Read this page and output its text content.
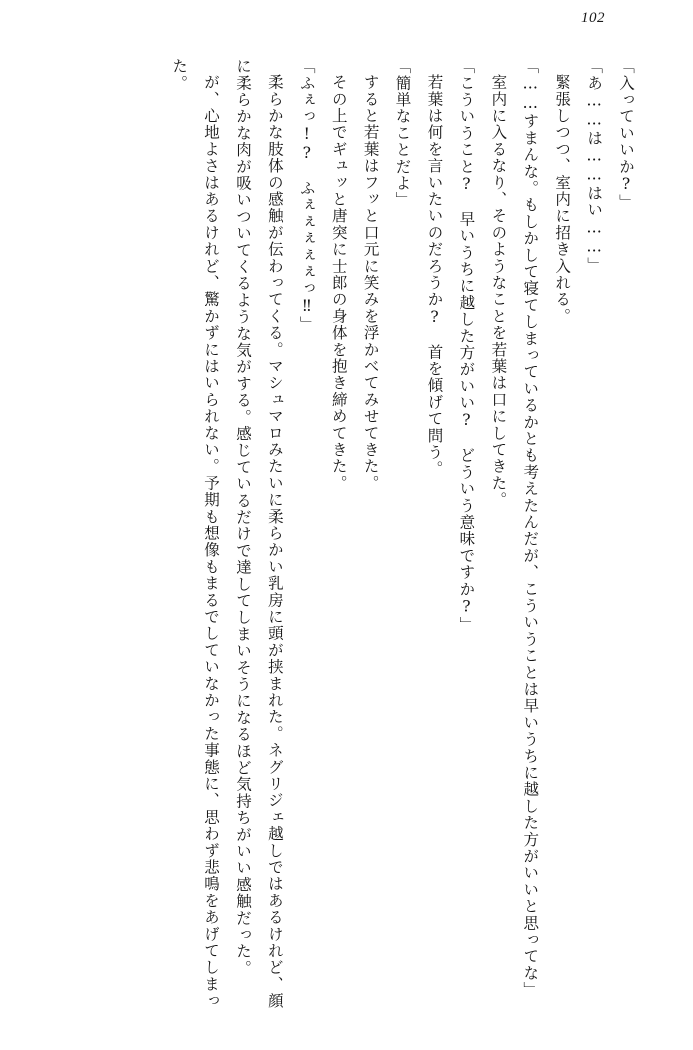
102

「入っていいか?」

「あ……は……はい……」

緊張しつつ、室内に招き入れる。

「……すまんな。もしかして寝てしまっているかとも考えたんだが、こういうことは早いうちに越した方がいいと思ってな」

室内に入るなり、そのようなことを若葉は口にしてきた。

「こういうこと?　早いうちに越した方がいい?　どういう意味ですか?」

若葉は何を言いたいのだろうか?　首を傾げて問う。

「簡単なことだよ」

すると若葉はフッと口元に笑みを浮かべてみせてきた。

その上でギュッと唐突に士郎の身体を抱き締めてきた。

「ふぇっ!?　ふぇぇぇぇぇっ‼」

柔らかな肢体の感触が伝わってくる。マシュマロみたいに柔らかい乳房に頭が挟まれた。ネグリジェ越しではあるけれど、顔に柔らかな肉が吸いついてくるような気がする。感じているだけで達してしまいそうになるほど気持ちがいい感触だった。

が、心地よさはあるけれど、驚かずにはいられない。予期も想像もまるでしていなかった事態に、思わず悲鳴をあげてしまった。
